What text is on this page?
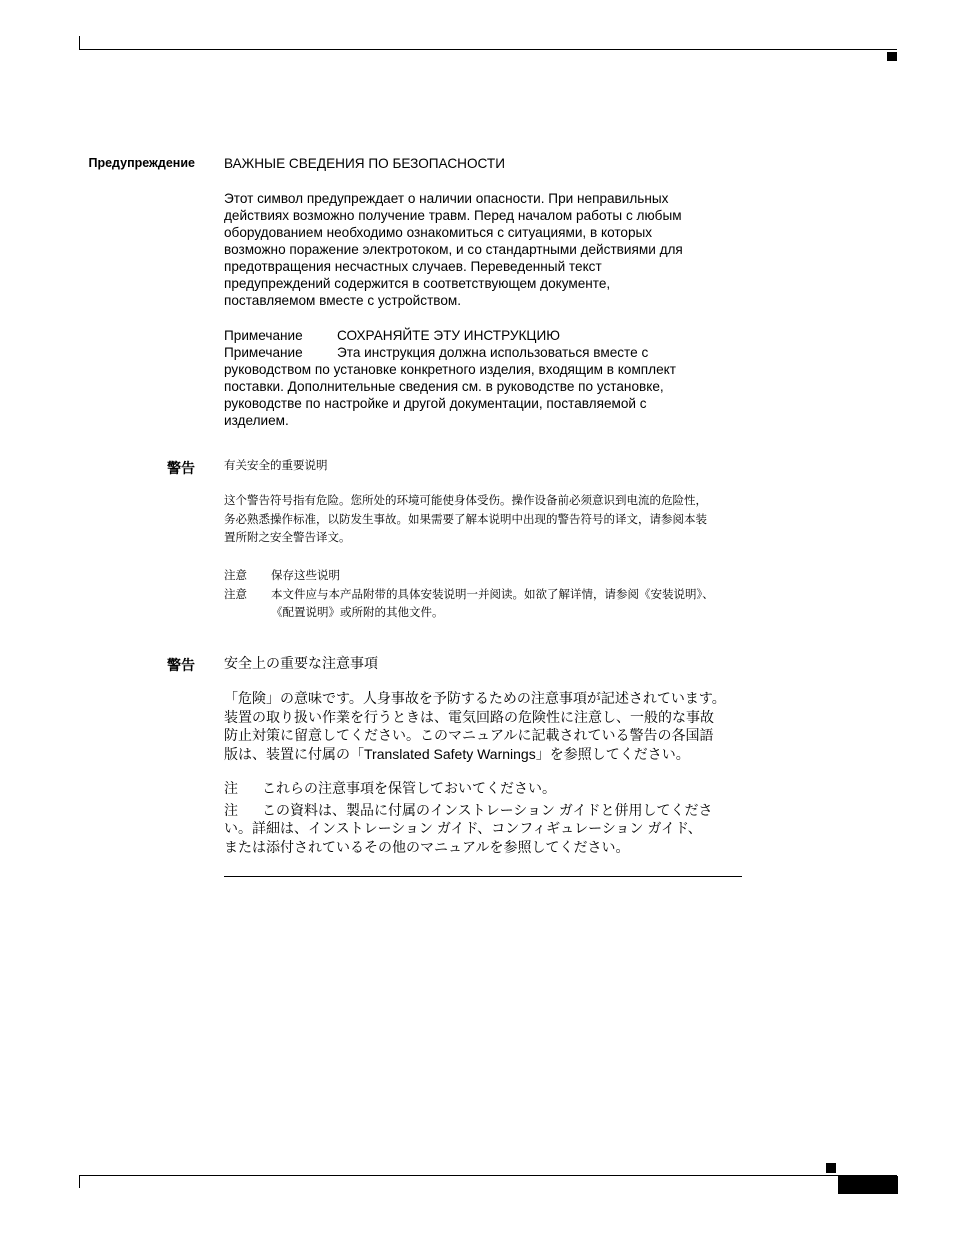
Предупреждение ВАЖНЫЕ СВЕДЕНИЯ ПО БЕЗОПАСНОСТИ
Этот символ предупреждает о наличии опасности. При неправильных
действиях возможно получение травм. Перед началом работы с любым
оборудованием необходимо ознакомиться с ситуациями, в которых
возможно поражение электротоком, и со стандартными действиями для
предотвращения несчастных случаев. Переведенный текст
предупреждений содержится в соответствующем документе,
поставляемом вместе с устройством.
Примечание	СОХРАНЯЙТЕ ЭТУ ИНСТРУКЦИЮ
Примечание	Эта инструкция должна использоваться вместе с
руководством по установке конкретного изделия, входящим в комплект
поставки. Дополнительные сведения см. в руководстве по установке,
руководстве по настройке и другой документации, поставляемой с
изделием.
警告	有关安全的重要说明
这个警告符号指有危险。您所处的环境可能使身体受伤。操作设备前必须意识到电流的危险性，
务必熟悉操作标准，以防发生事故。如果需要了解本说明中出现的警告符号的译文，请参阅本装
置所附之安全警告译文。
注意	保存这些说明
注意	本文件应与本产品附带的具体安装说明一并阅读。如欲了解详情，请参阅《安装说明》、
《配置说明》或所附的其他文件。
警告 安全上の重要な注意事項
「危険」の意味です。人身事故を予防するための注意事項が記述されています。
装置の取り扱い作業を行うときは、電気回路の危険性に注意し、一般的な事故
防止対策に留意してください。このマニュアルに記載されている警告の各国語
版は、装置に付属の「Translated Safety Warnings」を参照してください。
注	これらの注意事項を保管しておいてください。
注	この資料は、製品に付属のインストレーション ガイドと併用してくださ
い。詳細は、インストレーション ガイド、コンフィギュレーション ガイド、
または添付されているその他のマニュアルを参照してください。
